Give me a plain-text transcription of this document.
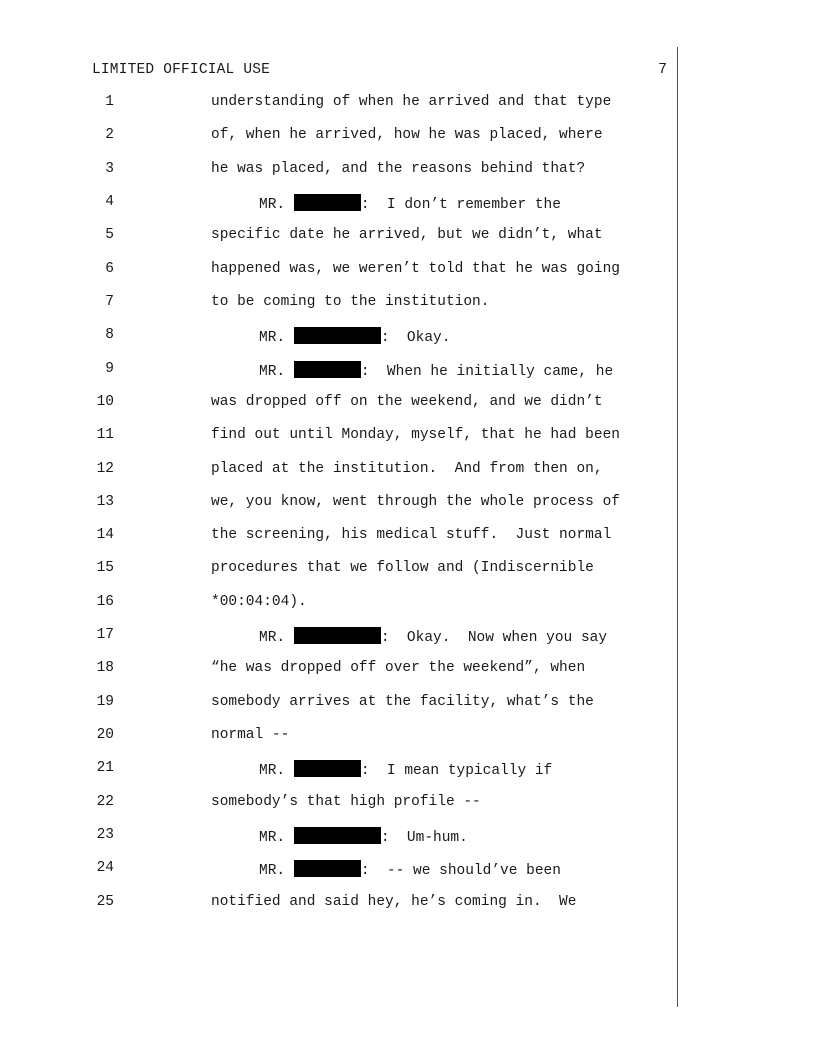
LIMITED OFFICIAL USE	7
1	understanding of when he arrived and that type
2	of, when he arrived, how he was placed, where
3	he was placed, and the reasons behind that?
4	MR.	:  I don’t remember the
5	specific date he arrived, but we didn’t, what
6	happened was, we weren’t told that he was going
7	to be coming to the institution.
8	MR.	:  Okay.
9	MR.	:  When he initially came, he
10	was dropped off on the weekend, and we didn’t
11	find out until Monday, myself, that he had been
12	placed at the institution.  And from then on,
13	we, you know, went through the whole process of
14	the screening, his medical stuff.  Just normal
15	procedures that we follow and (Indiscernible
16	*00:04:04).
17	MR.	:  Okay.  Now when you say
18	“he was dropped off over the weekend”, when
19	somebody arrives at the facility, what’s the
20	normal --
21	MR.	:  I mean typically if
22	somebody’s that high profile --
23	MR.	:  Um-hum.
24	MR.	:  -- we should’ve been
25	notified and said hey, he’s coming in.  We
